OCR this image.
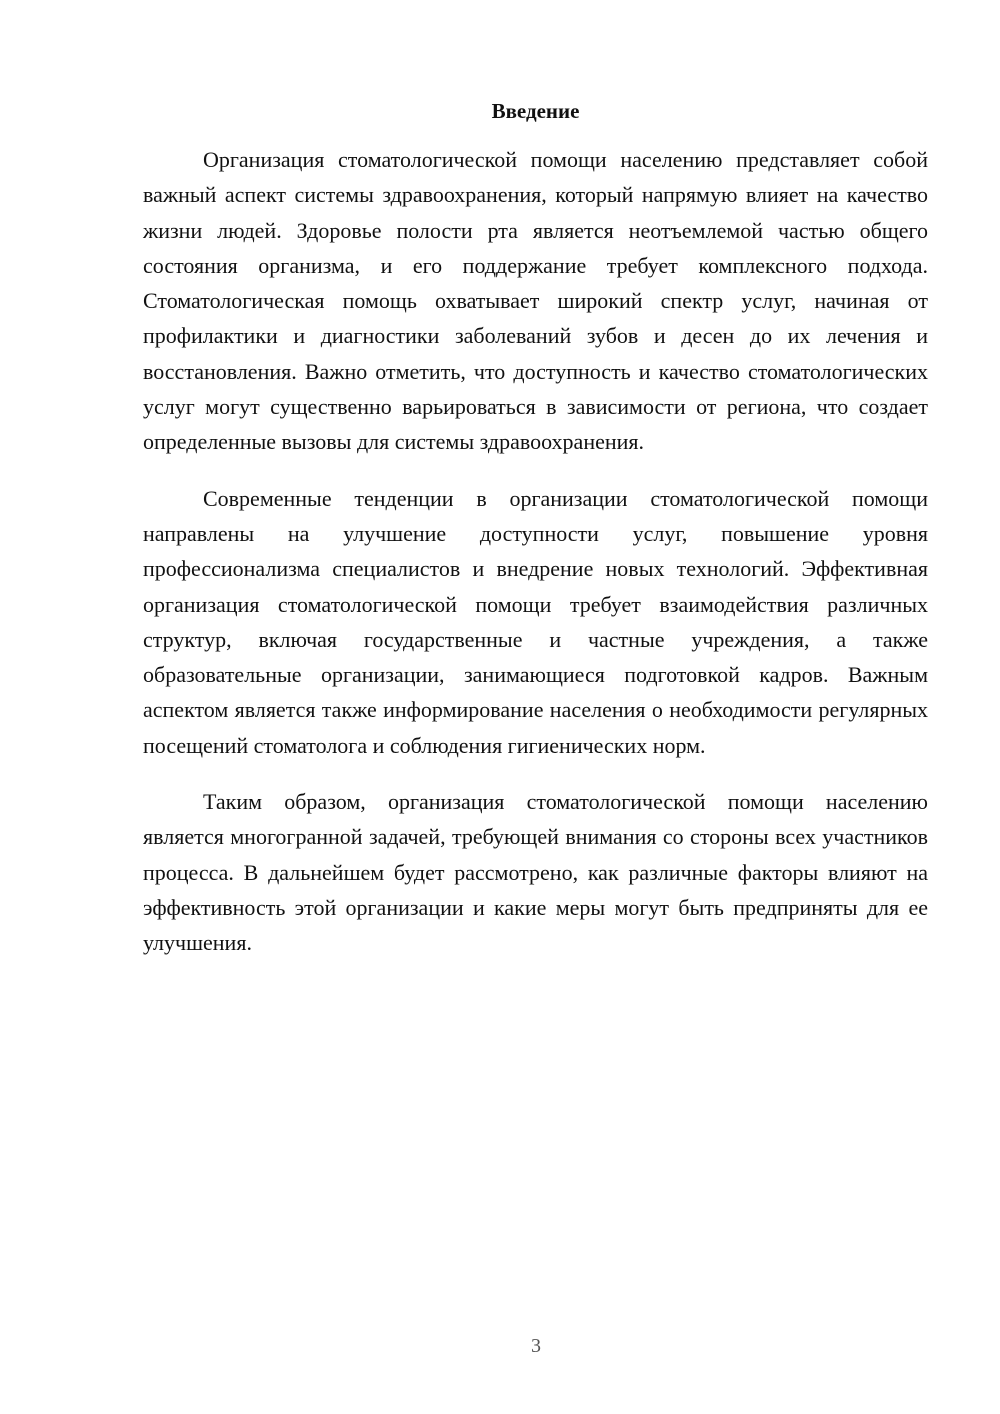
Введение

Организация стоматологической помощи населению представляет собой важный аспект системы здравоохранения, который напрямую влияет на качество жизни людей. Здоровье полости рта является неотъемлемой частью общего состояния организма, и его поддержание требует комплексного подхода. Стоматологическая помощь охватывает широкий спектр услуг, начиная от профилактики и диагностики заболеваний зубов и десен до их лечения и восстановления. Важно отметить, что доступность и качество стоматологических услуг могут существенно варьироваться в зависимости от региона, что создает определенные вызовы для системы здравоохранения.

Современные тенденции в организации стоматологической помощи направлены на улучшение доступности услуг, повышение уровня профессионализма специалистов и внедрение новых технологий. Эффективная организация стоматологической помощи требует взаимодействия различных структур, включая государственные и частные учреждения, а также образовательные организации, занимающиеся подготовкой кадров. Важным аспектом является также информирование населения о необходимости регулярных посещений стоматолога и соблюдения гигиенических норм.

Таким образом, организация стоматологической помощи населению является многогранной задачей, требующей внимания со стороны всех участников процесса. В дальнейшем будет рассмотрено, как различные факторы влияют на эффективность этой организации и какие меры могут быть предприняты для ее улучшения.

3
